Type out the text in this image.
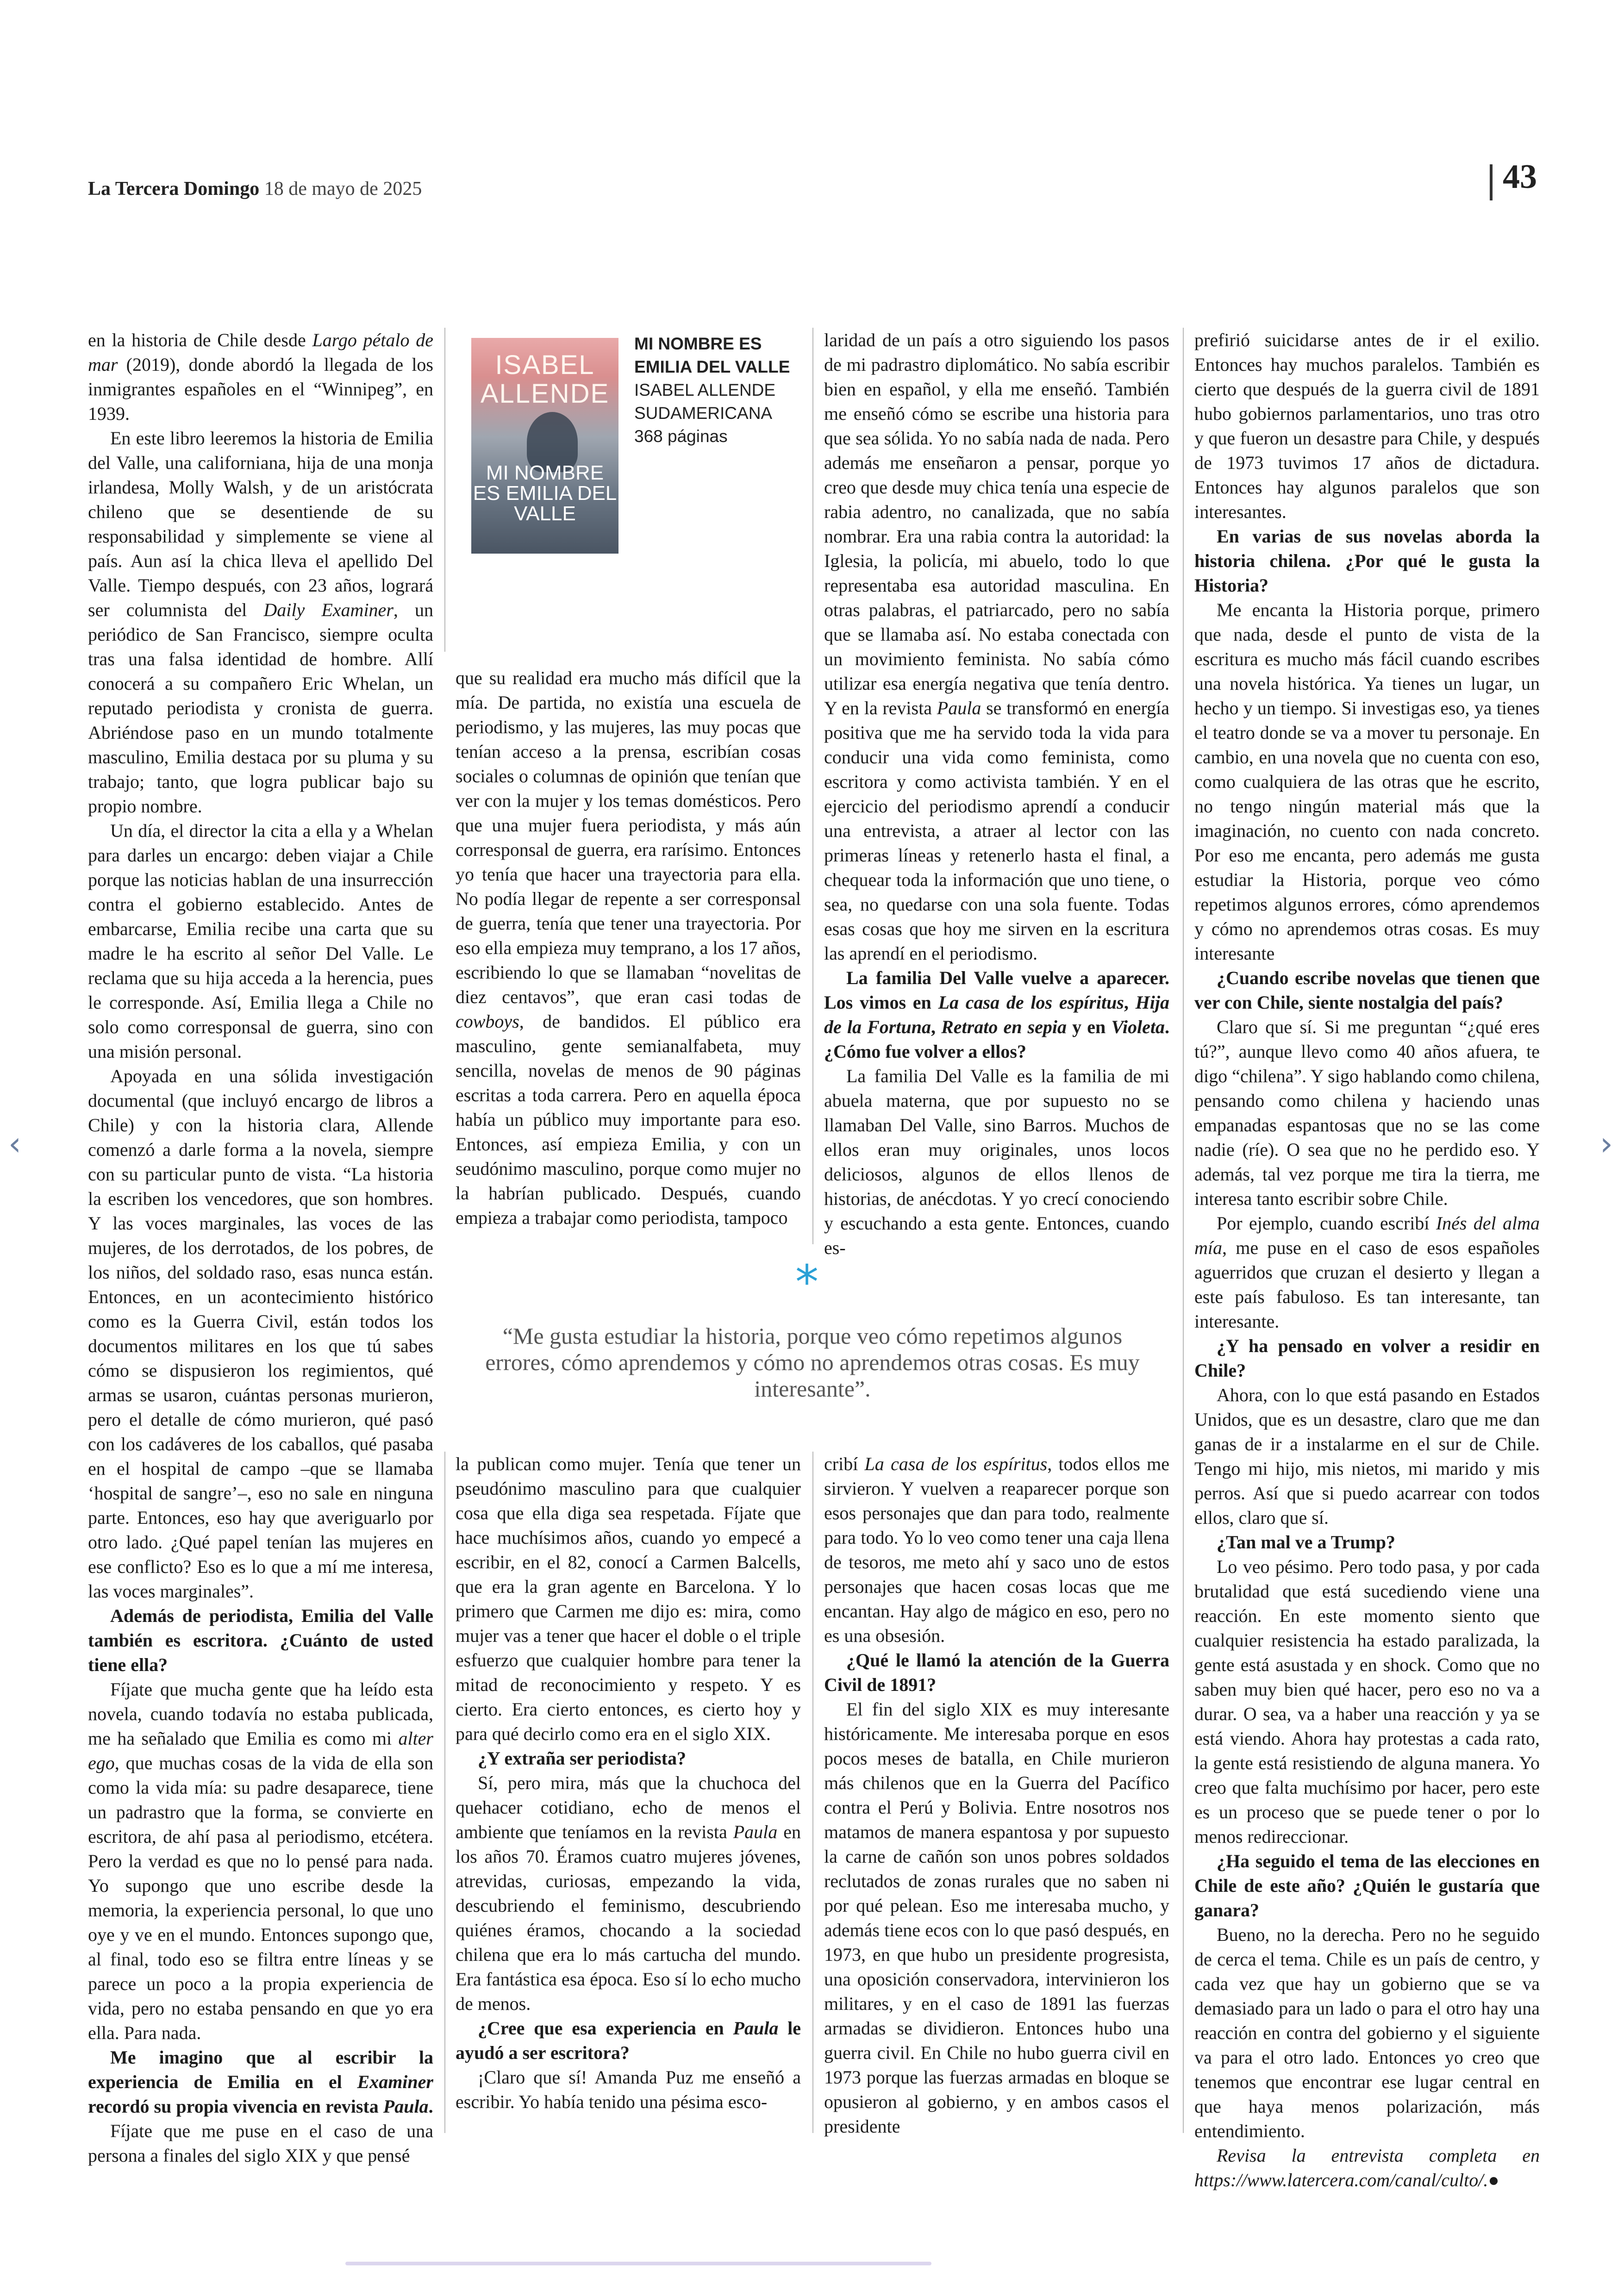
La Tercera Domingo 18 de mayo de 2025	43

en la historia de Chile desde Largo pétalo de mar (2019), donde abordó la llegada de los inmigrantes españoles en el “Winnipeg”, en 1939.

En este libro leeremos la historia de Emilia del Valle, una californiana, hija de una monja irlandesa, Molly Walsh, y de un aristócrata chileno que se desentiende de su responsabilidad y simplemente se viene al país. Aun así la chica lleva el apellido Del Valle. Tiempo después, con 23 años, logrará ser columnista del Daily Examiner, un periódico de San Francisco, siempre oculta tras una falsa identidad de hombre. Allí conocerá a su compañero Eric Whelan, un reputado periodista y cronista de guerra. Abriéndose paso en un mundo totalmente masculino, Emilia destaca por su pluma y su trabajo; tanto, que logra publicar bajo su propio nombre.

Un día, el director la cita a ella y a Whelan para darles un encargo: deben viajar a Chile porque las noticias hablan de una insurrección contra el gobierno establecido. Antes de embarcarse, Emilia recibe una carta que su madre le ha escrito al señor Del Valle. Le reclama que su hija acceda a la herencia, pues le corresponde. Así, Emilia llega a Chile no solo como corresponsal de guerra, sino con una misión personal.

Apoyada en una sólida investigación documental (que incluyó encargo de libros a Chile) y con la historia clara, Allende comenzó a darle forma a la novela, siempre con su particular punto de vista. “La historia la escriben los vencedores, que son hombres. Y las voces marginales, las voces de las mujeres, de los derrotados, de los pobres, de los niños, del soldado raso, esas nunca están. Entonces, en un acontecimiento histórico como es la Guerra Civil, están todos los documentos militares en los que tú sabes cómo se dispusieron los regimientos, qué armas se usaron, cuántas personas murieron, pero el detalle de cómo murieron, qué pasó con los cadáveres de los caballos, qué pasaba en el hospital de campo –que se llamaba ‘hospital de sangre’–, eso no sale en ninguna parte. Entonces, eso hay que averiguarlo por otro lado. ¿Qué papel tenían las mujeres en ese conflicto? Eso es lo que a mí me interesa, las voces marginales”.

Además de periodista, Emilia del Valle también es escritora. ¿Cuánto de usted tiene ella?

Fíjate que mucha gente que ha leído esta novela, cuando todavía no estaba publicada, me ha señalado que Emilia es como mi alter ego, que muchas cosas de la vida de ella son como la vida mía: su padre desaparece, tiene un padrastro que la forma, se convierte en escritora, de ahí pasa al periodismo, etcétera. Pero la verdad es que no lo pensé para nada. Yo supongo que uno escribe desde la memoria, la experiencia personal, lo que uno oye y ve en el mundo. Entonces supongo que, al final, todo eso se filtra entre líneas y se parece un poco a la propia experiencia de vida, pero no estaba pensando en que yo era ella. Para nada.

Me imagino que al escribir la experiencia de Emilia en el Examiner recordó su propia vivencia en revista Paula.

Fíjate que me puse en el caso de una persona a finales del siglo XIX y que pensé

ISABEL ALLENDE
MI NOMBRE ES EMILIA DEL VALLE
MI NOMBRE ES EMILIA DEL VALLE
ISABEL ALLENDE
SUDAMERICANA
368 páginas

que su realidad era mucho más difícil que la mía. De partida, no existía una escuela de periodismo, y las mujeres, las muy pocas que tenían acceso a la prensa, escribían cosas sociales o columnas de opinión que tenían que ver con la mujer y los temas domésticos. Pero que una mujer fuera periodista, y más aún corresponsal de guerra, era rarísimo. Entonces yo tenía que hacer una trayectoria para ella. No podía llegar de repente a ser corresponsal de guerra, tenía que tener una trayectoria. Por eso ella empieza muy temprano, a los 17 años, escribiendo lo que se llamaban “novelitas de diez centavos”, que eran casi todas de cowboys, de bandidos. El público era masculino, gente semianalfabeta, muy sencilla, novelas de menos de 90 páginas escritas a toda carrera. Pero en aquella época había un público muy importante para eso. Entonces, así empieza Emilia, y con un seudónimo masculino, porque como mujer no la habrían publicado. Después, cuando empieza a trabajar como periodista, tampoco

laridad de un país a otro siguiendo los pasos de mi padrastro diplomático. No sabía escribir bien en español, y ella me enseñó. También me enseñó cómo se escribe una historia para que sea sólida. Yo no sabía nada de nada. Pero además me enseñaron a pensar, porque yo creo que desde muy chica tenía una especie de rabia adentro, no canalizada, que no sabía nombrar. Era una rabia contra la autoridad: la Iglesia, la policía, mi abuelo, todo lo que representaba esa autoridad masculina. En otras palabras, el patriarcado, pero no sabía que se llamaba así. No estaba conectada con un movimiento feminista. No sabía cómo utilizar esa energía negativa que tenía dentro. Y en la revista Paula se transformó en energía positiva que me ha servido toda la vida para conducir una vida como feminista, como escritora y como activista también. Y en el ejercicio del periodismo aprendí a conducir una entrevista, a atraer al lector con las primeras líneas y retenerlo hasta el final, a chequear toda la información que uno tiene, o sea, no quedarse con una sola fuente. Todas esas cosas que hoy me sirven en la escritura las aprendí en el periodismo.

La familia Del Valle vuelve a aparecer. Los vimos en La casa de los espíritus, Hija de la Fortuna, Retrato en sepia y en Violeta. ¿Cómo fue volver a ellos?

La familia Del Valle es la familia de mi abuela materna, que por supuesto no se llamaban Del Valle, sino Barros. Muchos de ellos eran muy originales, unos locos deliciosos, algunos de ellos llenos de historias, de anécdotas. Y yo crecí conociendo y escuchando a esta gente. Entonces, cuando es-

*
“Me gusta estudiar la historia, porque veo cómo repetimos algunos errores, cómo aprendemos y cómo no aprendemos otras cosas. Es muy interesante”.

la publican como mujer. Tenía que tener un pseudónimo masculino para que cualquier cosa que ella diga sea respetada. Fíjate que hace muchísimos años, cuando yo empecé a escribir, en el 82, conocí a Carmen Balcells, que era la gran agente en Barcelona. Y lo primero que Carmen me dijo es: mira, como mujer vas a tener que hacer el doble o el triple esfuerzo que cualquier hombre para tener la mitad de reconocimiento y respeto. Y es cierto. Era cierto entonces, es cierto hoy y para qué decirlo como era en el siglo XIX.

¿Y extraña ser periodista?

Sí, pero mira, más que la chuchoca del quehacer cotidiano, echo de menos el ambiente que teníamos en la revista Paula en los años 70. Éramos cuatro mujeres jóvenes, atrevidas, curiosas, empezando la vida, descubriendo el feminismo, descubriendo quiénes éramos, chocando a la sociedad chilena que era lo más cartucha del mundo. Era fantástica esa época. Eso sí lo echo mucho de menos.

¿Cree que esa experiencia en Paula le ayudó a ser escritora?

¡Claro que sí! Amanda Puz me enseñó a escribir. Yo había tenido una pésima esco-

cribí La casa de los espíritus, todos ellos me sirvieron. Y vuelven a reaparecer porque son esos personajes que dan para todo, realmente para todo. Yo lo veo como tener una caja llena de tesoros, me meto ahí y saco uno de estos personajes que hacen cosas locas que me encantan. Hay algo de mágico en eso, pero no es una obsesión.

¿Qué le llamó la atención de la Guerra Civil de 1891?

El fin del siglo XIX es muy interesante históricamente. Me interesaba porque en esos pocos meses de batalla, en Chile murieron más chilenos que en la Guerra del Pacífico contra el Perú y Bolivia. Entre nosotros nos matamos de manera espantosa y por supuesto la carne de cañón son unos pobres soldados reclutados de zonas rurales que no saben ni por qué pelean. Eso me interesaba mucho, y además tiene ecos con lo que pasó después, en 1973, en que hubo un presidente progresista, una oposición conservadora, intervinieron los militares, y en el caso de 1891 las fuerzas armadas se dividieron. Entonces hubo una guerra civil. En Chile no hubo guerra civil en 1973 porque las fuerzas armadas en bloque se opusieron al gobierno, y en ambos casos el presidente

prefirió suicidarse antes de ir el exilio. Entonces hay muchos paralelos. También es cierto que después de la guerra civil de 1891 hubo gobiernos parlamentarios, uno tras otro y que fueron un desastre para Chile, y después de 1973 tuvimos 17 años de dictadura. Entonces hay algunos paralelos que son interesantes.

En varias de sus novelas aborda la historia chilena. ¿Por qué le gusta la Historia?

Me encanta la Historia porque, primero que nada, desde el punto de vista de la escritura es mucho más fácil cuando escribes una novela histórica. Ya tienes un lugar, un hecho y un tiempo. Si investigas eso, ya tienes el teatro donde se va a mover tu personaje. En cambio, en una novela que no cuenta con eso, como cualquiera de las otras que he escrito, no tengo ningún material más que la imaginación, no cuento con nada concreto. Por eso me encanta, pero además me gusta estudiar la Historia, porque veo cómo repetimos algunos errores, cómo aprendemos y cómo no aprendemos otras cosas. Es muy interesante

¿Cuando escribe novelas que tienen que ver con Chile, siente nostalgia del país?

Claro que sí. Si me preguntan “¿qué eres tú?”, aunque llevo como 40 años afuera, te digo “chilena”. Y sigo hablando como chilena, pensando como chilena y haciendo unas empanadas espantosas que no se las come nadie (ríe). O sea que no he perdido eso. Y además, tal vez porque me tira la tierra, me interesa tanto escribir sobre Chile.

Por ejemplo, cuando escribí Inés del alma mía, me puse en el caso de esos españoles aguerridos que cruzan el desierto y llegan a este país fabuloso. Es tan interesante, tan interesante.

¿Y ha pensado en volver a residir en Chile?

Ahora, con lo que está pasando en Estados Unidos, que es un desastre, claro que me dan ganas de ir a instalarme en el sur de Chile. Tengo mi hijo, mis nietos, mi marido y mis perros. Así que si puedo acarrear con todos ellos, claro que sí.

¿Tan mal ve a Trump?

Lo veo pésimo. Pero todo pasa, y por cada brutalidad que está sucediendo viene una reacción. En este momento siento que cualquier resistencia ha estado paralizada, la gente está asustada y en shock. Como que no saben muy bien qué hacer, pero eso no va a durar. O sea, va a haber una reacción y ya se está viendo. Ahora hay protestas a cada rato, la gente está resistiendo de alguna manera. Yo creo que falta muchísimo por hacer, pero este es un proceso que se puede tener o por lo menos redireccionar.

¿Ha seguido el tema de las elecciones en Chile de este año? ¿Quién le gustaría que ganara?

Bueno, no la derecha. Pero no he seguido de cerca el tema. Chile es un país de centro, y cada vez que hay un gobierno que se va demasiado para un lado o para el otro hay una reacción en contra del gobierno y el siguiente va para el otro lado. Entonces yo creo que tenemos que encontrar ese lugar central en que haya menos polarización, más entendimiento.

Revisa la entrevista completa en https://www.latercera.com/canal/culto/.●

‹	›
